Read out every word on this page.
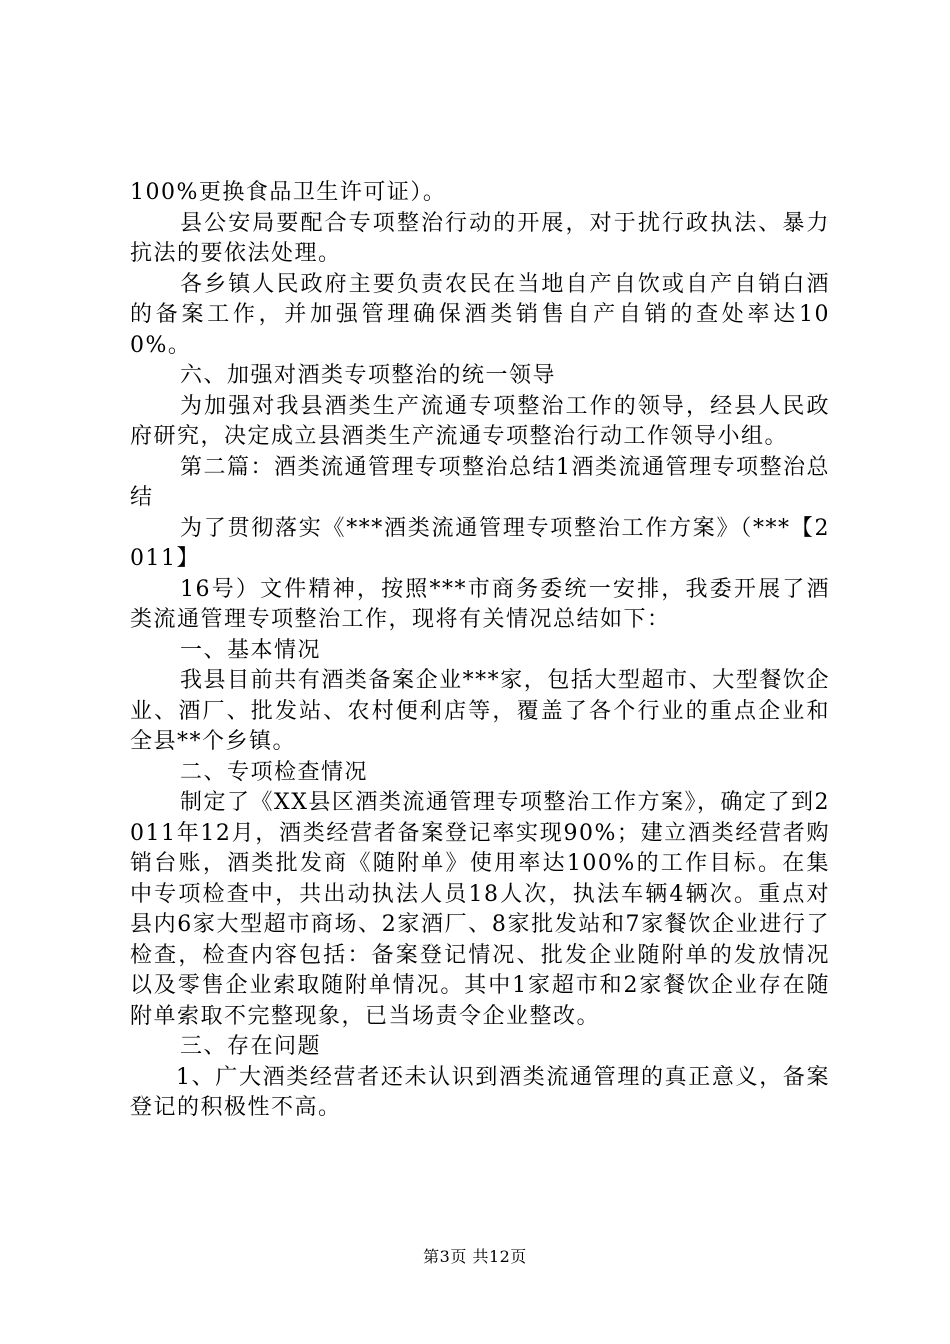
100%更换食品卫生许可证）。

县公安局要配合专项整治行动的开展，对于扰行政执法、暴力抗法的要依法处理。

各乡镇人民政府主要负责农民在当地自产自饮或自产自销白酒的备案工作，并加强管理确保酒类销售自产自销的查处率达100%。

六、加强对酒类专项整治的统一领导

为加强对我县酒类生产流通专项整治工作的领导，经县人民政府研究，决定成立县酒类生产流通专项整治行动工作领导小组。

第二篇：酒类流通管理专项整治总结1酒类流通管理专项整治总结

为了贯彻落实《***酒类流通管理专项整治工作方案》（***【2011】

16号）文件精神，按照***市商务委统一安排，我委开展了酒类流通管理专项整治工作，现将有关情况总结如下：

一、基本情况

我县目前共有酒类备案企业***家，包括大型超市、大型餐饮企业、酒厂、批发站、农村便利店等，覆盖了各个行业的重点企业和全县**个乡镇。

二、专项检查情况

制定了《XX县区酒类流通管理专项整治工作方案》，确定了到2011年12月，酒类经营者备案登记率实现90%；建立酒类经营者购销台账，酒类批发商《随附单》使用率达100%的工作目标。在集中专项检查中，共出动执法人员18人次，执法车辆4辆次。重点对县内6家大型超市商场、2家酒厂、8家批发站和7家餐饮企业进行了检查，检查内容包括：备案登记情况、批发企业随附单的发放情况以及零售企业索取随附单情况。其中1家超市和2家餐饮企业存在随附单索取不完整现象，已当场责令企业整改。

三、存在问题

1、广大酒类经营者还未认识到酒类流通管理的真正意义，备案登记的积极性不高。

第3页 共12页
